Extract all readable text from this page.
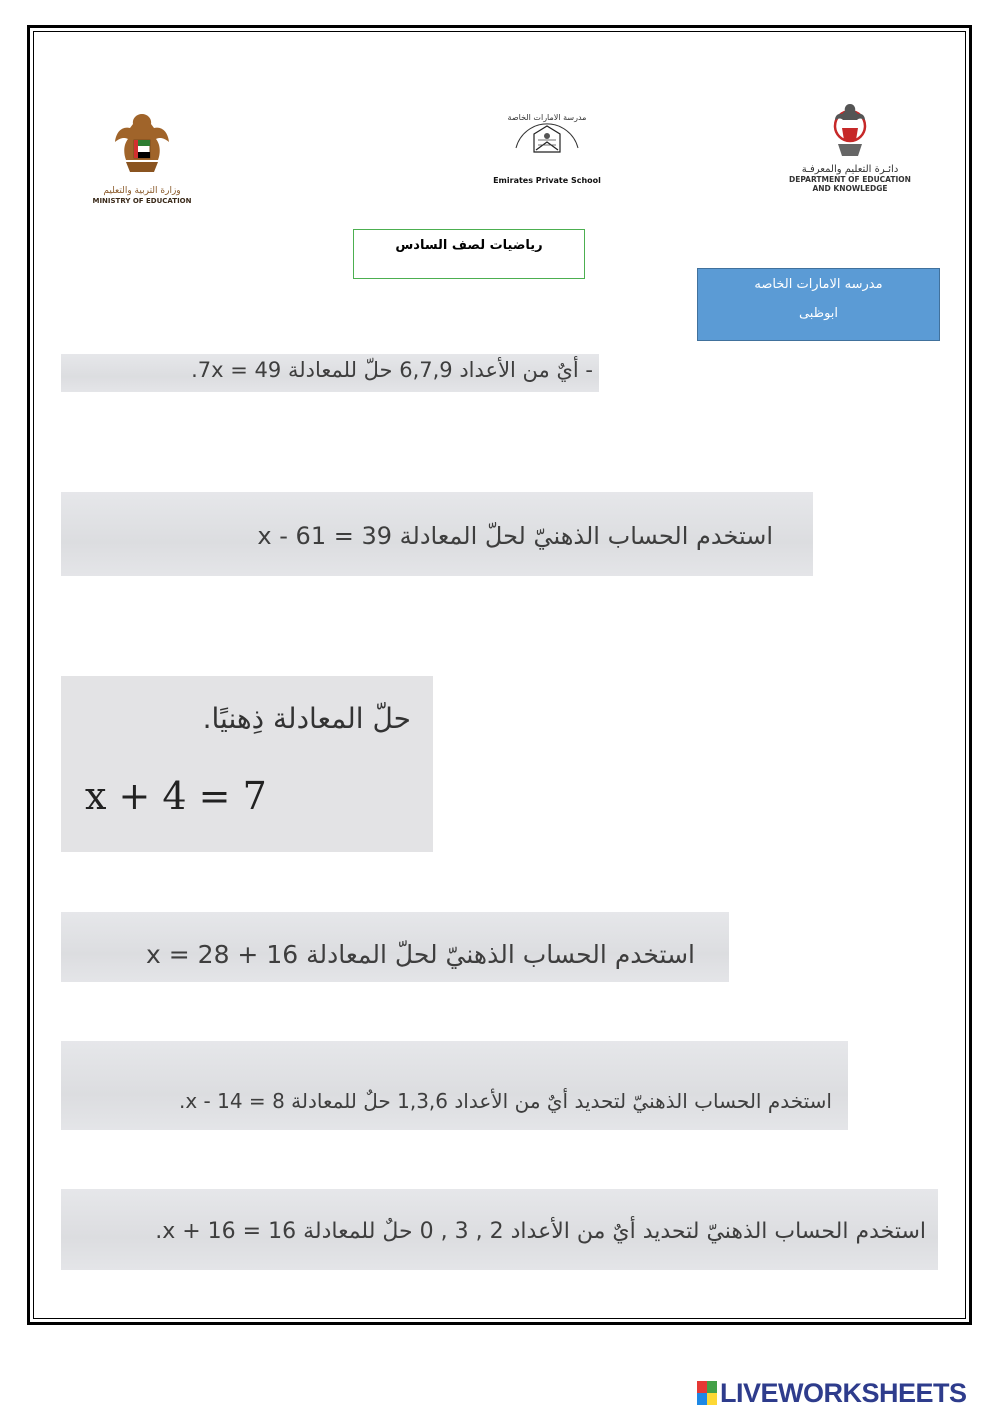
وزارة التربية والتعليم
MINISTRY OF EDUCATION
مدرسة الامارات الخاصة
Emirates Private School
دائـرة التعليم والمعرفـة
DEPARTMENT OF EDUCATION
AND KNOWLEDGE
رياضيات لصف السادس
مدرسه الامارات الخاصه
ابوظبى
- أيٌ من الأعداد 6,7,9 حلّ للمعادلة 49 = 7x.
استخدم الحساب الذهنيّ لحلّ المعادلة 39 = x - 61
حلّ المعادلة ذِهنيًا.
x + 4 = 7
استخدم الحساب الذهنيّ لحلّ المعادلة 16 + x = 28
استخدم الحساب الذهنيّ لتحديد أيٌ من الأعداد 1,3,6 حلٌ للمعادلة 8 = x - 14.
استخدم الحساب الذهنيّ لتحديد أيٌ من الأعداد 2 , 3 , 0 حلٌ للمعادلة 16 = 16 + x.
LIVEWORKSHEETS
